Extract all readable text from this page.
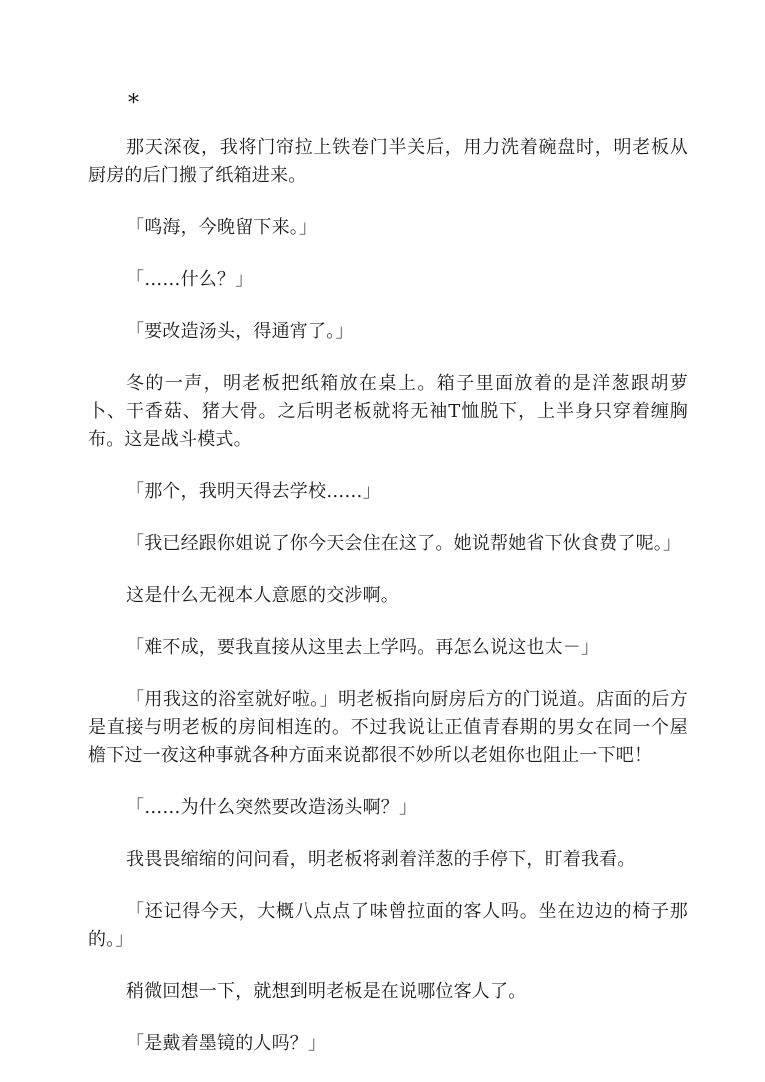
*

那天深夜，我将门帘拉上铁卷门半关后，用力洗着碗盘时，明老板从厨房的后门搬了纸箱进来。

「鸣海，今晚留下来。」

「……什么？」

「要改造汤头，得通宵了。」

冬的一声，明老板把纸箱放在桌上。箱子里面放着的是洋葱跟胡萝卜、干香菇、猪大骨。之后明老板就将无袖T恤脱下，上半身只穿着缠胸布。这是战斗模式。

「那个，我明天得去学校……」

「我已经跟你姐说了你今天会住在这了。她说帮她省下伙食费了呢。」

这是什么无视本人意愿的交涉啊。

「难不成，要我直接从这里去上学吗。再怎么说这也太－」

「用我这的浴室就好啦。」明老板指向厨房后方的门说道。店面的后方是直接与明老板的房间相连的。不过我说让正值青春期的男女在同一个屋檐下过一夜这种事就各种方面来说都很不妙所以老姐你也阻止一下吧！

「……为什么突然要改造汤头啊？」

我畏畏缩缩的问问看，明老板将剥着洋葱的手停下，盯着我看。

「还记得今天，大概八点点了味曾拉面的客人吗。坐在边边的椅子那的。」

稍微回想一下，就想到明老板是在说哪位客人了。

「是戴着墨镜的人吗？」
